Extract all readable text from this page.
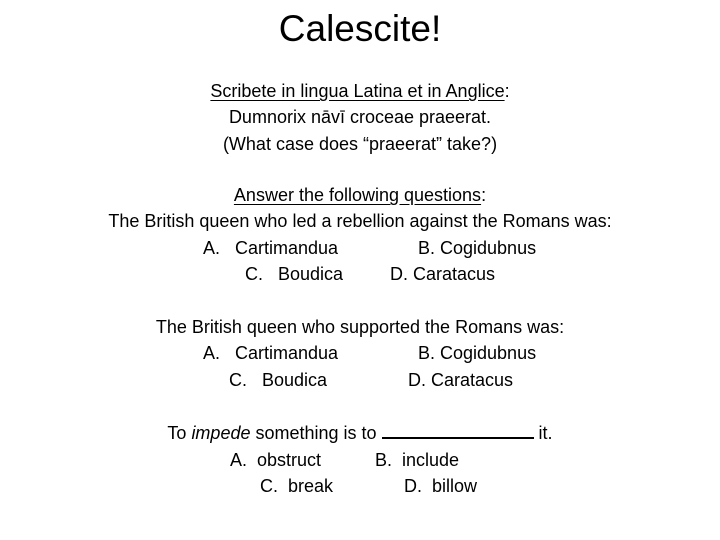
Calescite!
Scribete in lingua Latina et in Anglice:
Dumnorix nāvī croceae praeerat.
(What case does “praeerat” take?)
Answer the following questions:
The British queen who led a rebellion against the Romans was:
A.   Cartimandua	B. Cogidubnus
C.   Boudica	D. Caratacus
The British queen who supported the Romans was:
A.   Cartimandua	B. Cogidubnus
C.   Boudica	D. Caratacus
To impede something is to	it.
A.  obstruct	B.  include
C.  break	D.  billow
